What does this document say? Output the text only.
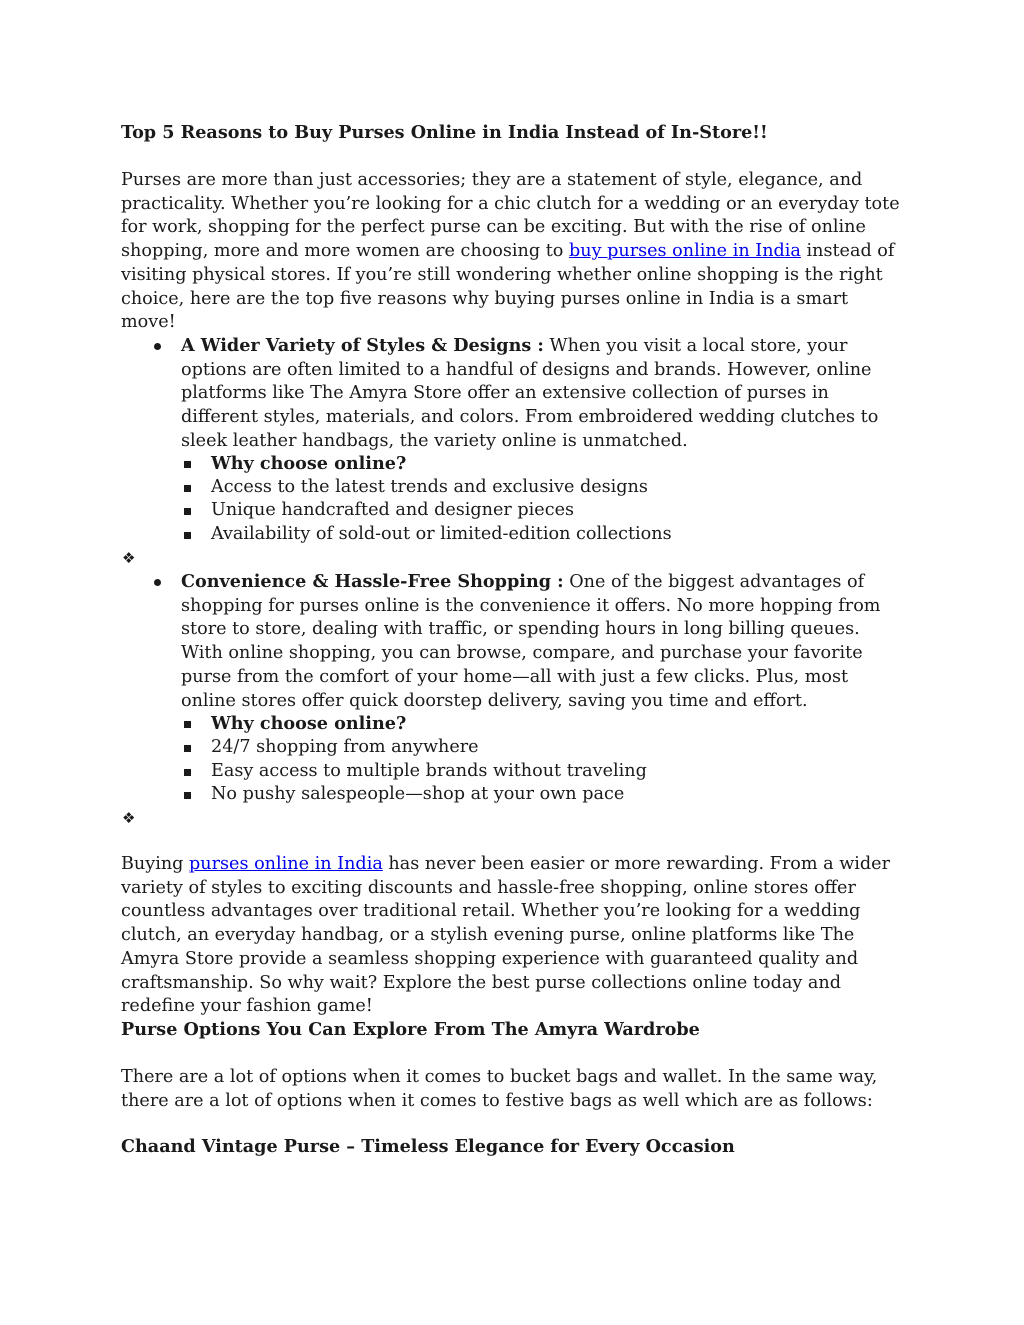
Top 5 Reasons to Buy Purses Online in India Instead of In-Store!!

Purses are more than just accessories; they are a statement of style, elegance, and practicality. Whether you’re looking for a chic clutch for a wedding or an everyday tote for work, shopping for the perfect purse can be exciting. But with the rise of online shopping, more and more women are choosing to buy purses online in India instead of visiting physical stores. If you’re still wondering whether online shopping is the right choice, here are the top five reasons why buying purses online in India is a smart move!

A Wider Variety of Styles & Designs : When you visit a local store, your options are often limited to a handful of designs and brands. However, online platforms like The Amyra Store offer an extensive collection of purses in different styles, materials, and colors. From embroidered wedding clutches to sleek leather handbags, the variety online is unmatched.
Why choose online?
Access to the latest trends and exclusive designs
Unique handcrafted and designer pieces
Availability of sold-out or limited-edition collections
❖
Convenience & Hassle-Free Shopping : One of the biggest advantages of shopping for purses online is the convenience it offers. No more hopping from store to store, dealing with traffic, or spending hours in long billing queues. With online shopping, you can browse, compare, and purchase your favorite purse from the comfort of your home—all with just a few clicks. Plus, most online stores offer quick doorstep delivery, saving you time and effort.
Why choose online?
24/7 shopping from anywhere
Easy access to multiple brands without traveling
No pushy salespeople—shop at your own pace
❖

Buying purses online in India has never been easier or more rewarding. From a wider variety of styles to exciting discounts and hassle-free shopping, online stores offer countless advantages over traditional retail. Whether you’re looking for a wedding clutch, an everyday handbag, or a stylish evening purse, online platforms like The Amyra Store provide a seamless shopping experience with guaranteed quality and craftsmanship. So why wait? Explore the best purse collections online today and redefine your fashion game!

Purse Options You Can Explore From The Amyra Wardrobe

There are a lot of options when it comes to bucket bags and wallet. In the same way, there are a lot of options when it comes to festive bags as well which are as follows:

Chaand Vintage Purse – Timeless Elegance for Every Occasion
